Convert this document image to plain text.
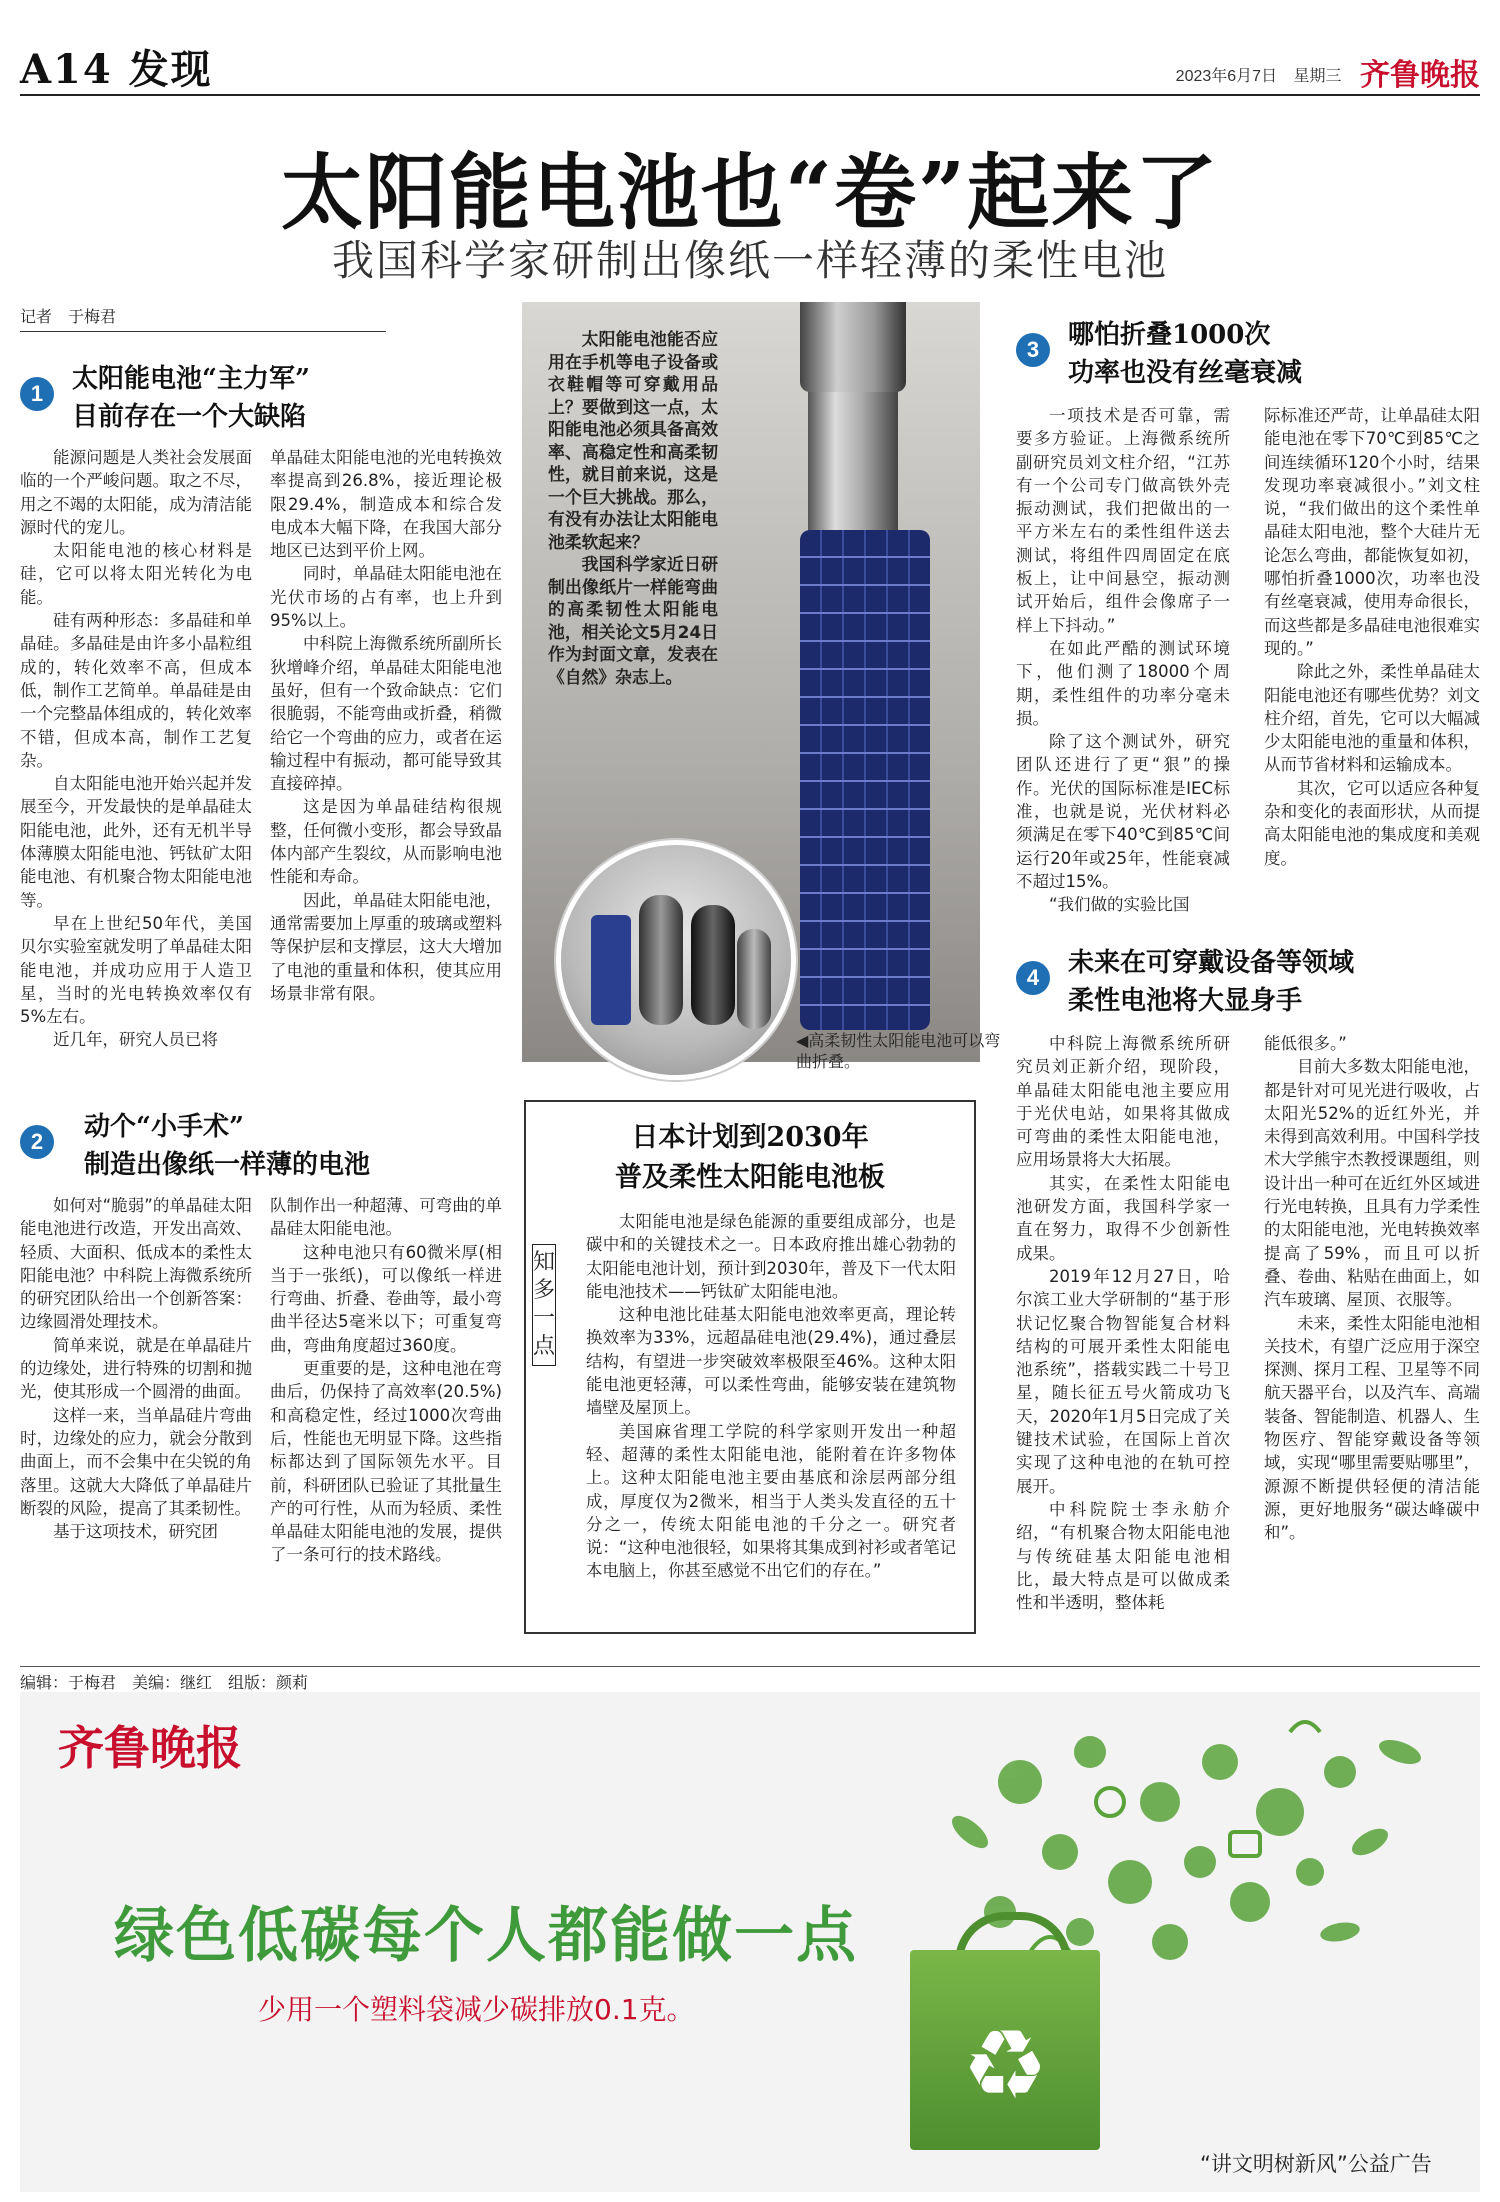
A14 发现	2023年6月7日 星期三 齐鲁晚报
太阳能电池也“卷”起来了
我国科学家研制出像纸一样轻薄的柔性电池
记者　于梅君
1	太阳能电池“主力军”
目前存在一个大缺陷

能源问题是人类社会发展面临的一个严峻问题。取之不尽，用之不竭的太阳能，成为清洁能源时代的宠儿。

太阳能电池的核心材料是硅，它可以将太阳光转化为电能。

硅有两种形态：多晶硅和单晶硅。多晶硅是由许多小晶粒组成的，转化效率不高，但成本低，制作工艺简单。单晶硅是由一个完整晶体组成的，转化效率不错，但成本高，制作工艺复杂。

自太阳能电池开始兴起并发展至今，开发最快的是单晶硅太阳能电池，此外，还有无机半导体薄膜太阳能电池、钙钛矿太阳能电池、有机聚合物太阳能电池等。

早在上世纪50年代，美国贝尔实验室就发明了单晶硅太阳能电池，并成功应用于人造卫星，当时的光电转换效率仅有5%左右。

近几年，研究人员已将

单晶硅太阳能电池的光电转换效率提高到26.8%，接近理论极限29.4%，制造成本和综合发电成本大幅下降，在我国大部分地区已达到平价上网。

同时，单晶硅太阳能电池在光伏市场的占有率，也上升到95%以上。

中科院上海微系统所副所长狄增峰介绍，单晶硅太阳能电池虽好，但有一个致命缺点：它们很脆弱，不能弯曲或折叠，稍微给它一个弯曲的应力，或者在运输过程中有振动，都可能导致其直接碎掉。

这是因为单晶硅结构很规整，任何微小变形，都会导致晶体内部产生裂纹，从而影响电池性能和寿命。

因此，单晶硅太阳能电池，通常需要加上厚重的玻璃或塑料等保护层和支撑层，这大大增加了电池的重量和体积，使其应用场景非常有限。

2	动个“小手术”
制造出像纸一样薄的电池

如何对“脆弱”的单晶硅太阳能电池进行改造，开发出高效、轻质、大面积、低成本的柔性太阳能电池？中科院上海微系统所的研究团队给出一个创新答案：边缘圆滑处理技术。

简单来说，就是在单晶硅片的边缘处，进行特殊的切割和抛光，使其形成一个圆滑的曲面。

这样一来，当单晶硅片弯曲时，边缘处的应力，就会分散到曲面上，而不会集中在尖锐的角落里。这就大大降低了单晶硅片断裂的风险，提高了其柔韧性。

基于这项技术，研究团

队制作出一种超薄、可弯曲的单晶硅太阳能电池。

这种电池只有60微米厚(相当于一张纸)，可以像纸一样进行弯曲、折叠、卷曲等，最小弯曲半径达5毫米以下；可重复弯曲，弯曲角度超过360度。

更重要的是，这种电池在弯曲后，仍保持了高效率(20.5%)和高稳定性，经过1000次弯曲后，性能也无明显下降。这些指标都达到了国际领先水平。目前，科研团队已验证了其批量生产的可行性，从而为轻质、柔性单晶硅太阳能电池的发展，提供了一条可行的技术路线。

太阳能电池能否应用在手机等电子设备或衣鞋帽等可穿戴用品上？要做到这一点，太阳能电池必须具备高效率、高稳定性和高柔韧性，就目前来说，这是一个巨大挑战。那么，有没有办法让太阳能电池柔软起来？

我国科学家近日研制出像纸片一样能弯曲的高柔韧性太阳能电池，相关论文5月24日作为封面文章，发表在《自然》杂志上。

◀高柔韧性太阳能电池可以弯曲折叠。
日本计划到2030年
普及柔性太阳能电池板
知多一点

太阳能电池是绿色能源的重要组成部分，也是碳中和的关键技术之一。日本政府推出雄心勃勃的太阳能电池计划，预计到2030年，普及下一代太阳能电池技术——钙钛矿太阳能电池。

这种电池比硅基太阳能电池效率更高，理论转换效率为33%，远超晶硅电池(29.4%)，通过叠层结构，有望进一步突破效率极限至46%。这种太阳能电池更轻薄，可以柔性弯曲，能够安装在建筑物墙壁及屋顶上。

美国麻省理工学院的科学家则开发出一种超轻、超薄的柔性太阳能电池，能附着在许多物体上。这种太阳能电池主要由基底和涂层两部分组成，厚度仅为2微米，相当于人类头发直径的五十分之一，传统太阳能电池的千分之一。研究者说：“这种电池很轻，如果将其集成到衬衫或者笔记本电脑上，你甚至感觉不出它们的存在。”

3	哪怕折叠1000次
功率也没有丝毫衰减

一项技术是否可靠，需要多方验证。上海微系统所副研究员刘文柱介绍，“江苏有一个公司专门做高铁外壳振动测试，我们把做出的一平方米左右的柔性组件送去测试，将组件四周固定在底板上，让中间悬空，振动测试开始后，组件会像席子一样上下抖动。”

在如此严酷的测试环境下，他们测了18000个周期，柔性组件的功率分毫未损。

除了这个测试外，研究团队还进行了更“狠”的操作。光伏的国际标准是IEC标准，也就是说，光伏材料必须满足在零下40℃到85℃间运行20年或25年，性能衰减不超过15%。

“我们做的实验比国

际标准还严苛，让单晶硅太阳能电池在零下70℃到85℃之间连续循环120个小时，结果发现功率衰减很小。”刘文柱说，“我们做出的这个柔性单晶硅太阳电池，整个大硅片无论怎么弯曲，都能恢复如初，哪怕折叠1000次，功率也没有丝毫衰减，使用寿命很长，而这些都是多晶硅电池很难实现的。”

除此之外，柔性单晶硅太阳能电池还有哪些优势？刘文柱介绍，首先，它可以大幅减少太阳能电池的重量和体积，从而节省材料和运输成本。

其次，它可以适应各种复杂和变化的表面形状，从而提高太阳能电池的集成度和美观度。

4	未来在可穿戴设备等领域
柔性电池将大显身手

中科院上海微系统所研究员刘正新介绍，现阶段，单晶硅太阳能电池主要应用于光伏电站，如果将其做成可弯曲的柔性太阳能电池，应用场景将大大拓展。

其实，在柔性太阳能电池研发方面，我国科学家一直在努力，取得不少创新性成果。

2019年12月27日，哈尔滨工业大学研制的“基于形状记忆聚合物智能复合材料结构的可展开柔性太阳能电池系统”，搭载实践二十号卫星，随长征五号火箭成功飞天，2020年1月5日完成了关键技术试验，在国际上首次实现了这种电池的在轨可控展开。

中科院院士李永舫介绍，“有机聚合物太阳能电池与传统硅基太阳能电池相比，最大特点是可以做成柔性和半透明，整体耗

能低很多。”

目前大多数太阳能电池，都是针对可见光进行吸收，占太阳光52%的近红外光，并未得到高效利用。中国科学技术大学熊宇杰教授课题组，则设计出一种可在近红外区域进行光电转换，且具有力学柔性的太阳能电池，光电转换效率提高了59%，而且可以折叠、卷曲、粘贴在曲面上，如汽车玻璃、屋顶、衣服等。

未来，柔性太阳能电池相关技术，有望广泛应用于深空探测、探月工程、卫星等不同航天器平台，以及汽车、高端装备、智能制造、机器人、生物医疗、智能穿戴设备等领域，实现“哪里需要贴哪里”，源源不断提供轻便的清洁能源，更好地服务“碳达峰碳中和”。

编辑：于梅君　美编：继红　组版：颜莉
齐鲁晚报
绿色低碳每个人都能做一点
少用一个塑料袋减少碳排放0.1克。	♻
“讲文明树新风”公益广告
